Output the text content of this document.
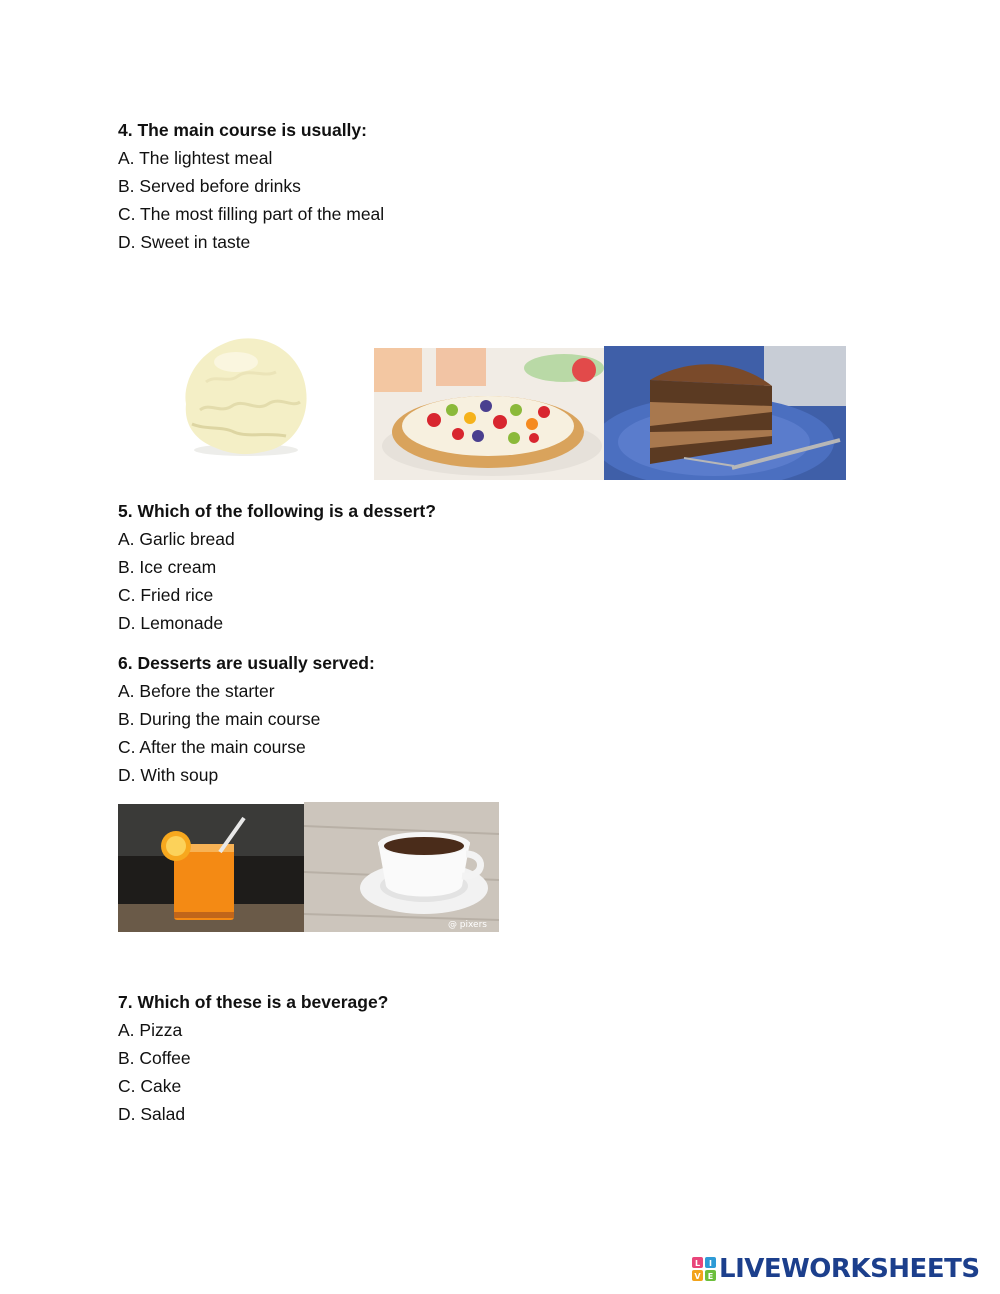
4. The main course is usually:
A. The lightest meal
B. Served before drinks
C. The most filling part of the meal
D. Sweet in taste
5. Which of the following is a dessert?
A. Garlic bread
B. Ice cream
C. Fried rice
D. Lemonade
6. Desserts are usually served:
A. Before the starter
B. During the main course
C. After the main course
D. With soup
@ pixers
7. Which of these is a beverage?
A. Pizza
B. Coffee
C. Cake
D. Salad
L I
V E LIVEWORKSHEETS
